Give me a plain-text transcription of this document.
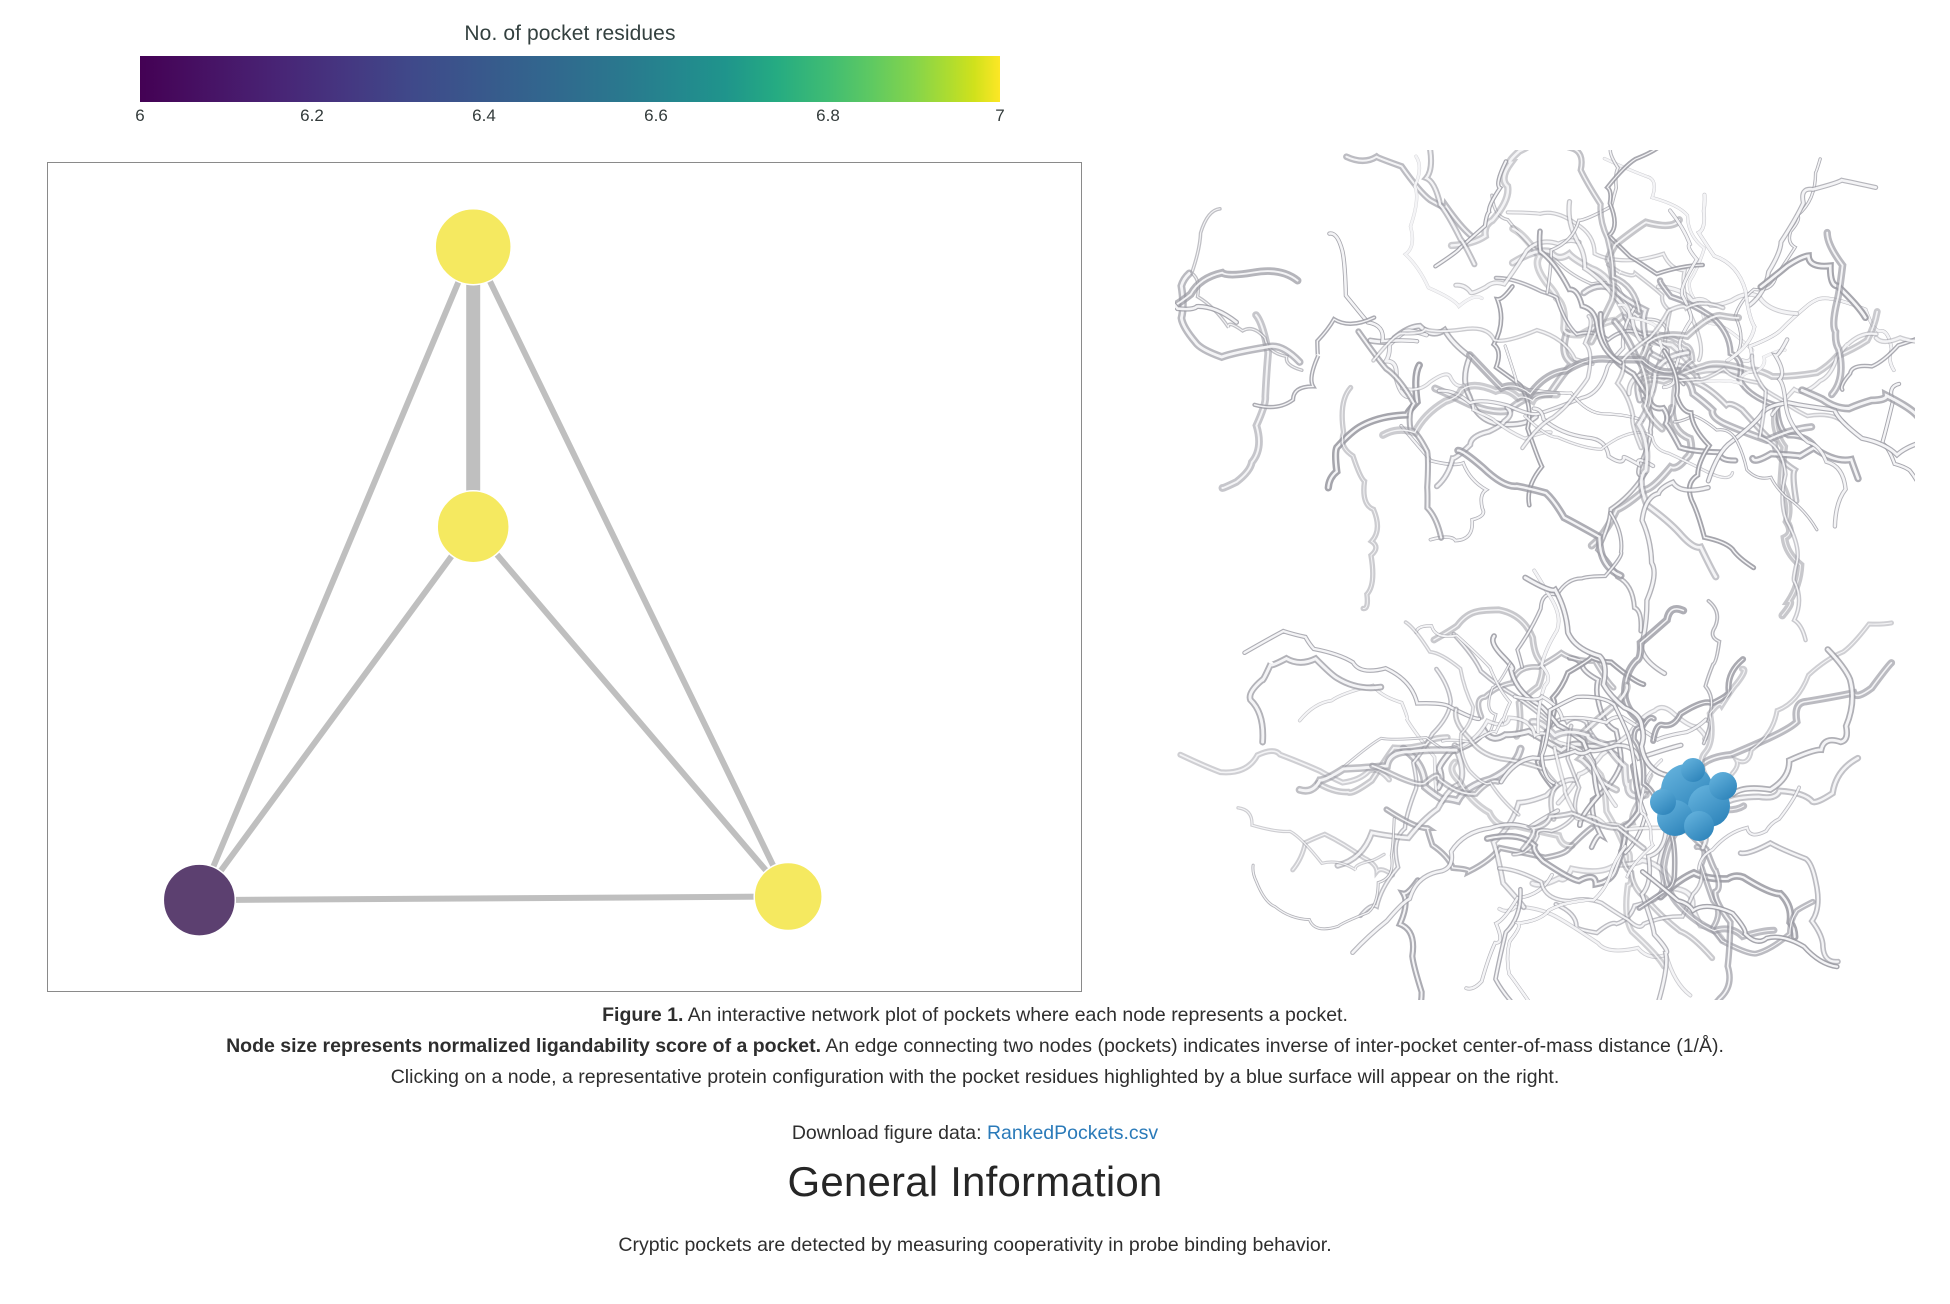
No. of pocket residues
6	6.2	6.4	6.6	6.8	7
Figure 1. An interactive network plot of pockets where each node represents a pocket.
Node size represents normalized ligandability score of a pocket. An edge connecting two nodes (pockets) indicates inverse of inter-pocket center-of-mass distance (1/Å).
Clicking on a node, a representative protein configuration with the pocket residues highlighted by a blue surface will appear on the right.
Download figure data: RankedPockets.csv
General Information
Cryptic pockets are detected by measuring cooperativity in probe binding behavior.
